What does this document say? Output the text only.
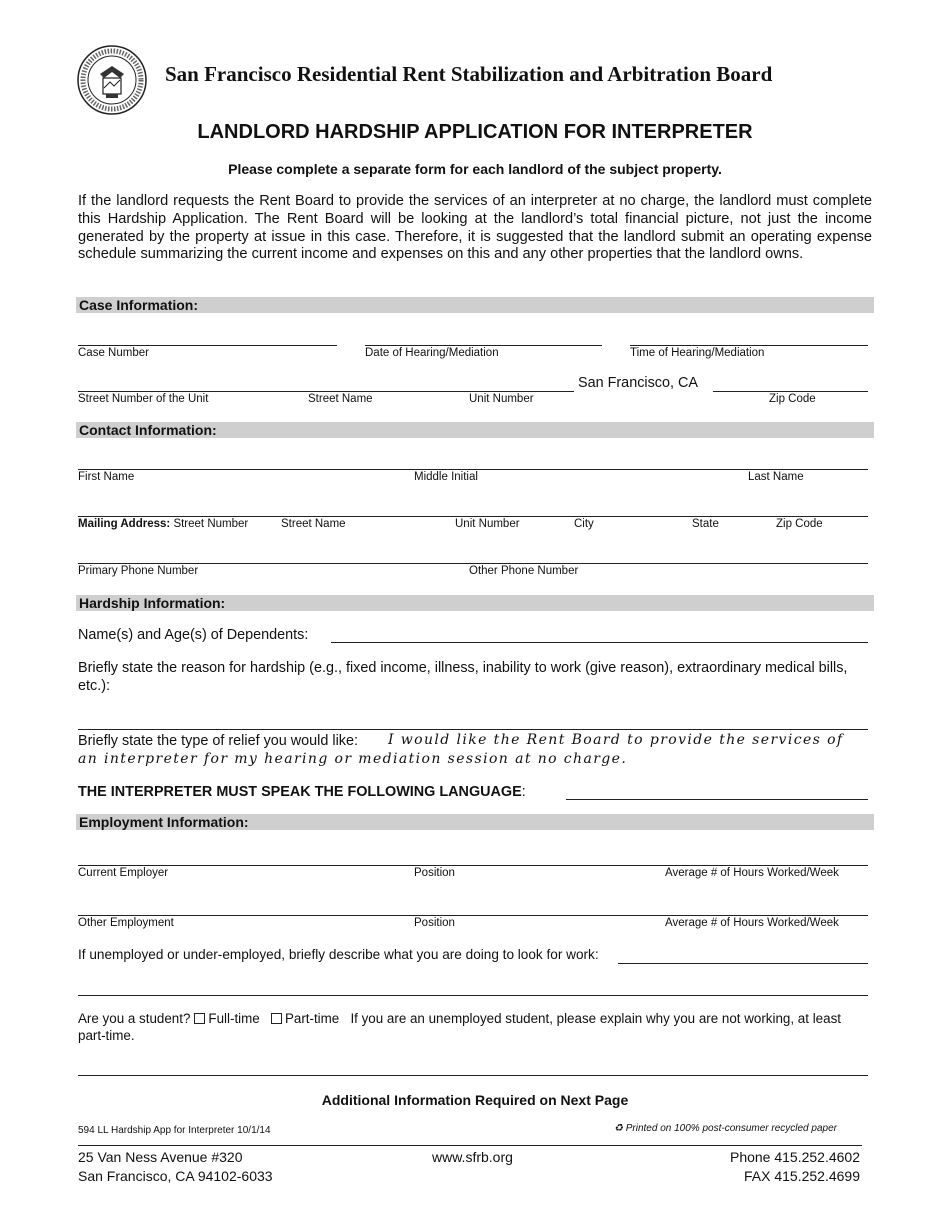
San Francisco Residential Rent Stabilization and Arbitration Board
LANDLORD HARDSHIP APPLICATION FOR INTERPRETER
Please complete a separate form for each landlord of the subject property.
If the landlord requests the Rent Board to provide the services of an interpreter at no charge, the landlord must complete this Hardship Application. The Rent Board will be looking at the landlord’s total financial picture, not just the income generated by the property at issue in this case. Therefore, it is suggested that the landlord submit an operating expense schedule summarizing the current income and expenses on this and any other properties that the landlord owns.
Case Information:
Case Number	Date of Hearing/Mediation	Time of Hearing/Mediation
San Francisco, CA
Street Number of the Unit	Street Name	Unit Number	Zip Code
Contact Information:
First Name	Middle Initial	Last Name
Mailing Address: Street Number	Street Name	Unit Number	City	State	Zip Code
Primary Phone Number	Other Phone Number
Hardship Information:
Name(s) and Age(s) of Dependents:
Briefly state the reason for hardship (e.g., fixed income, illness, inability to work (give reason), extraordinary medical bills, etc.):
Briefly state the type of relief you would like: I would like the Rent Board to provide the services of
an interpreter for my hearing or mediation session at no charge.
THE INTERPRETER MUST SPEAK THE FOLLOWING LANGUAGE:
Employment Information:
Current Employer	Position	Average # of Hours Worked/Week
Other Employment	Position	Average # of Hours Worked/Week
If unemployed or under-employed, briefly describe what you are doing to look for work:
Are you a student? Full-time Part-time If you are an unemployed student, please explain why you are not working, at least part-time.
Additional Information Required on Next Page
594 LL Hardship App for Interpreter 10/1/14	♻ Printed on 100% post-consumer recycled paper
25 Van Ness Avenue #320
San Francisco, CA 94102-6033
www.sfrb.org	Phone 415.252.4602
FAX 415.252.4699
